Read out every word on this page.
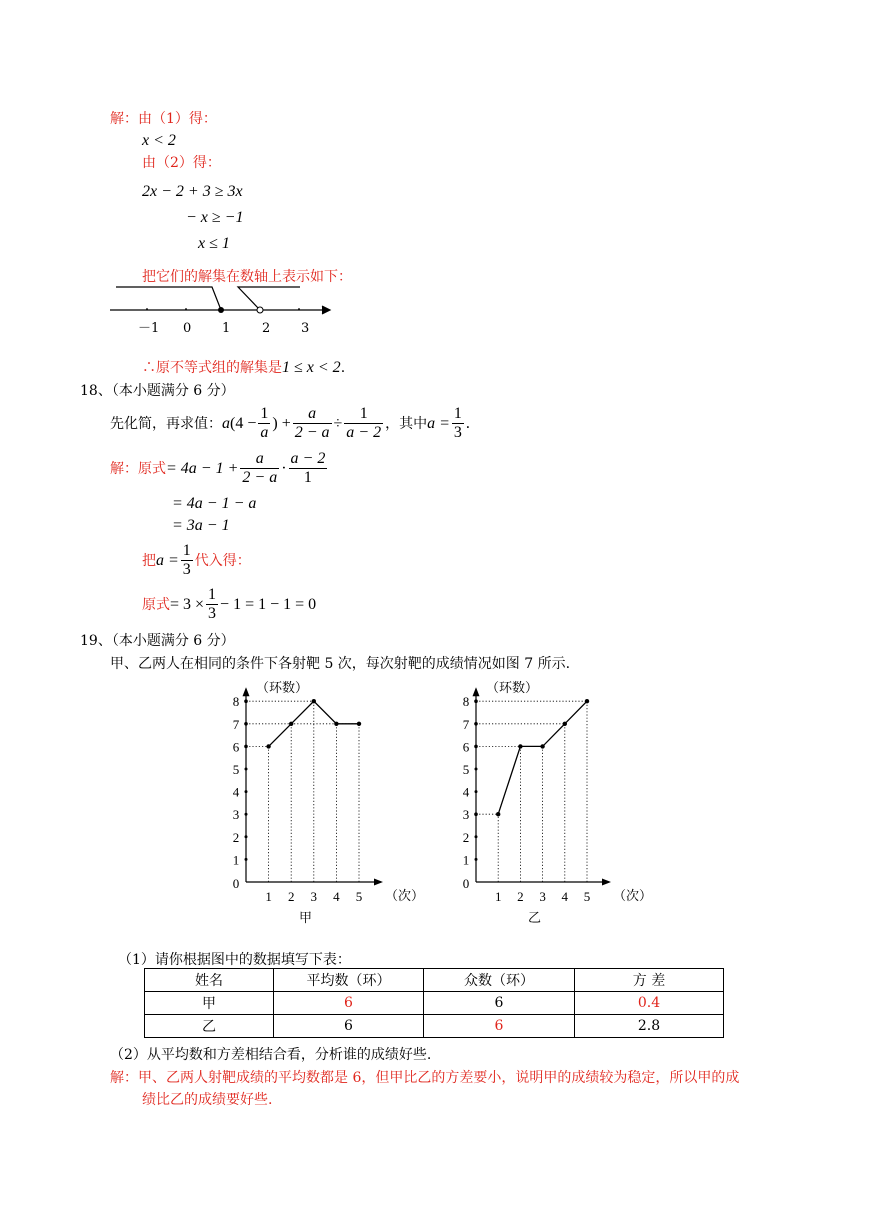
解：由（1）得：
x < 2
由（2）得：
2x − 2 + 3 ≥ 3x
− x ≥ −1
x ≤ 1
把它们的解集在数轴上表示如下：
－1 0 1 2 3
∴原不等式组的解集是1 ≤ x < 2.
18、（本小题满分 6 分）
先化简，再求值： a ($4 - \frac{1}{a}$ ) + $\frac{a}{2 - a} \div \frac{1}{a - 2}$ ，其中 $a = \frac{1}{3}$ .
解：原式 = $4a - 1 + \frac{a}{2 - a} \cdot \frac{a - 2}{1}$
= 4a − 1 − a
= 3a − 1
把 $a = \frac{1}{3}$ 代入得：
原式 = $3 \times \frac{1}{3} - 1 = 1 - 1 = 0$
19、（本小题满分 6 分）
甲、乙两人在相同的条件下各射靶 5 次，每次射靶的成绩情况如图 7 所示.
（环数）
（次）
0
1
2
3
4
5
6
7
8
1 2 3 4 5
甲
（环数）
（次）
0
1
2
3
4
5
6
7
8
1 2 3 4 5
乙
（1）请你根据图中的数据填写下表：
姓名	平均数（环）	众数（环）	方 差
甲	6	6	0.4
乙	6	6	2.8
（2）从平均数和方差相结合看，分析谁的成绩好些.
解：甲、乙两人射靶成绩的平均数都是 6，但甲比乙的方差要小，说明甲的成绩较为稳定，所以甲的成
绩比乙的成绩要好些.
